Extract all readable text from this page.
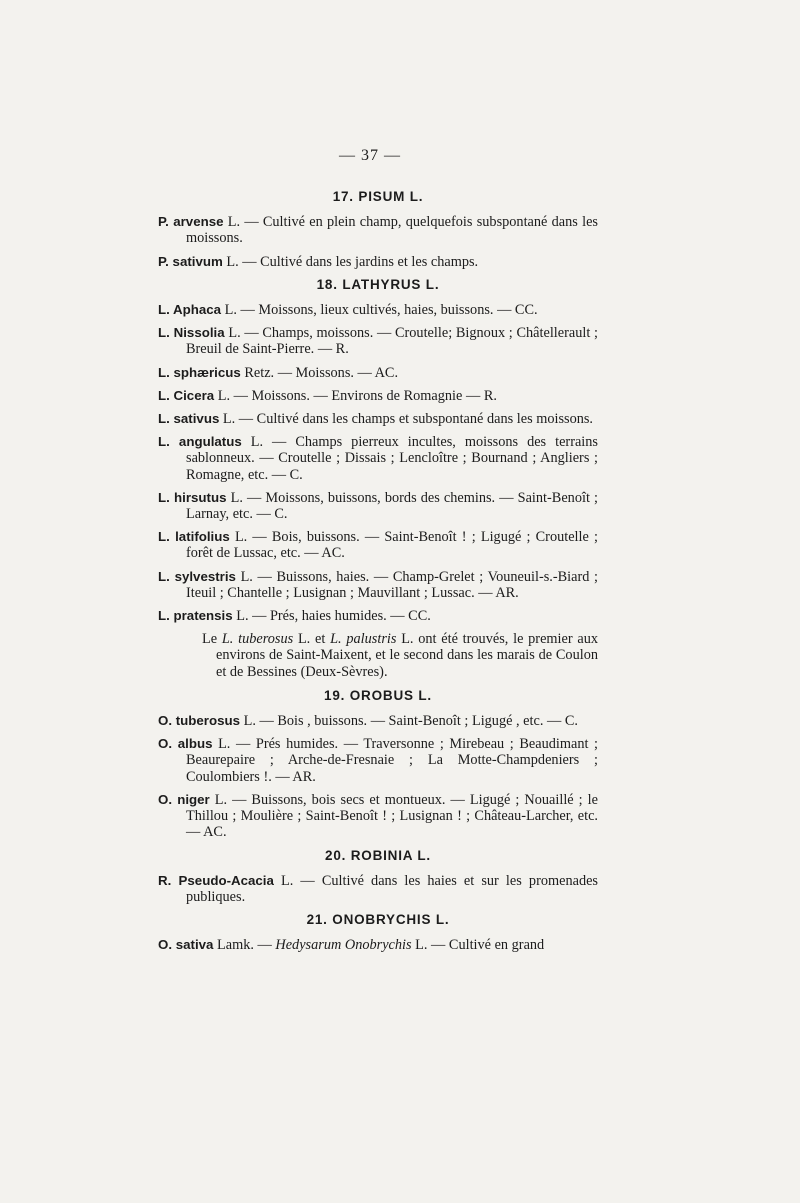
— 37 —
17. PISUM L.
P. arvense L. — Cultivé en plein champ, quelquefois subspontané dans les moissons.
P. sativum L. — Cultivé dans les jardins et les champs.
18. LATHYRUS L.
L. Aphaca L. — Moissons, lieux cultivés, haies, buissons. — CC.
L. Nissolia L. — Champs, moissons. — Croutelle; Bignoux ; Châtellerault ; Breuil de Saint-Pierre. — R.
L. sphæricus Retz. — Moissons. — AC.
L. Cicera L. — Moissons. — Environs de Romagnie — R.
L. sativus L. — Cultivé dans les champs et subspontané dans les moissons.
L. angulatus L. — Champs pierreux incultes, moissons des terrains sablonneux. — Croutelle ; Dissais ; Lencloître ; Bournand ; Angliers ; Romagne, etc. — C.
L. hirsutus L. — Moissons, buissons, bords des chemins. — Saint-Benoît ; Larnay, etc. — C.
L. latifolius L. — Bois, buissons. — Saint-Benoît ! ; Ligugé ; Croutelle ; forêt de Lussac, etc. — AC.
L. sylvestris L. — Buissons, haies. — Champ-Grelet ; Vouneuil-s.-Biard ; Iteuil ; Chantelle ; Lusignan ; Mauvillant ; Lussac. — AR.
L. pratensis L. — Prés, haies humides. — CC.
Le L. tuberosus L. et L. palustris L. ont été trouvés, le premier aux environs de Saint-Maixent, et le second dans les marais de Coulon et de Bessines (Deux-Sèvres).
19. OROBUS L.
O. tuberosus L. — Bois , buissons. — Saint-Benoît ; Ligugé , etc. — C.
O. albus L. — Prés humides. — Traversonne ; Mirebeau ; Beaudimant ; Beaurepaire ; Arche-de-Fresnaie ; La Motte-Champdeniers ; Coulombiers !. — AR.
O. niger L. — Buissons, bois secs et montueux. — Ligugé ; Nouaillé ; le Thillou ; Moulière ; Saint-Benoît ! ; Lusignan ! ; Château-Larcher, etc. — AC.
20. ROBINIA L.
R. Pseudo-Acacia L. — Cultivé dans les haies et sur les promenades publiques.
21. ONOBRYCHIS L.
O. sativa Lamk. — Hedysarum Onobrychis L. — Cultivé en grand
